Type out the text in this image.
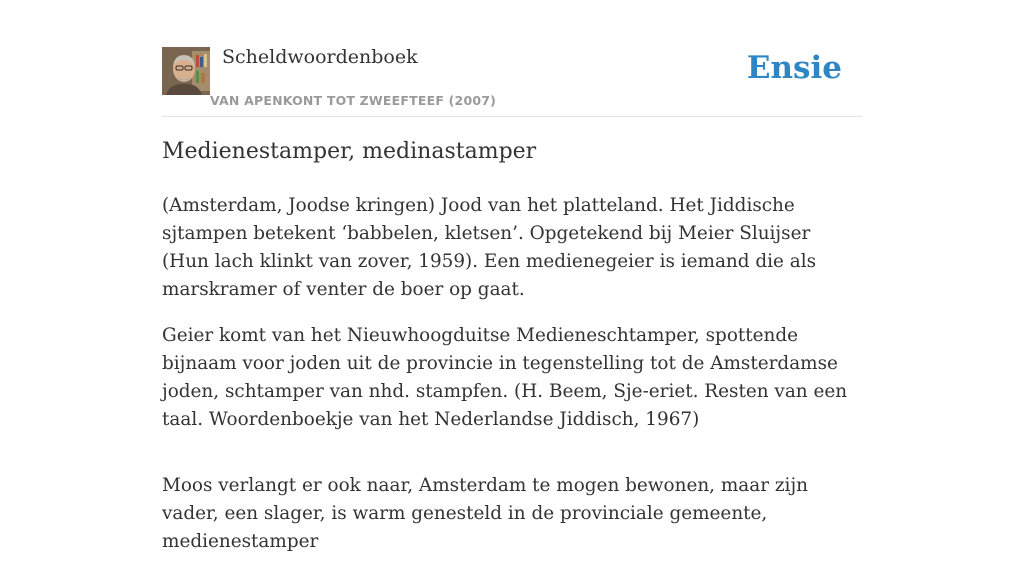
Scheldwoordenboek
VAN APENKONT TOT ZWEEFTEEF (2007)
Ensie
Medienestamper, medinastamper

(Amsterdam, Joodse kringen) Jood van het platteland. Het Jiddische sjtampen betekent ‘babbelen, kletsen’. Opgetekend bij Meier Sluijser (Hun lach klinkt van zover, 1959). Een medienegeier is iemand die als marskramer of venter de boer op gaat.

Geier komt van het Nieuwhoogduitse Medieneschtamper, spottende bijnaam voor joden uit de provincie in tegenstelling tot de Amsterdamse joden, schtamper van nhd. stampfen. (H. Beem, Sje-eriet. Resten van een taal. Woordenboekje van het Nederlandse Jiddisch, 1967)

Moos verlangt er ook naar, Amsterdam te mogen bewonen, maar zijn vader, een slager, is warm genesteld in de provinciale gemeente, medienestamper
